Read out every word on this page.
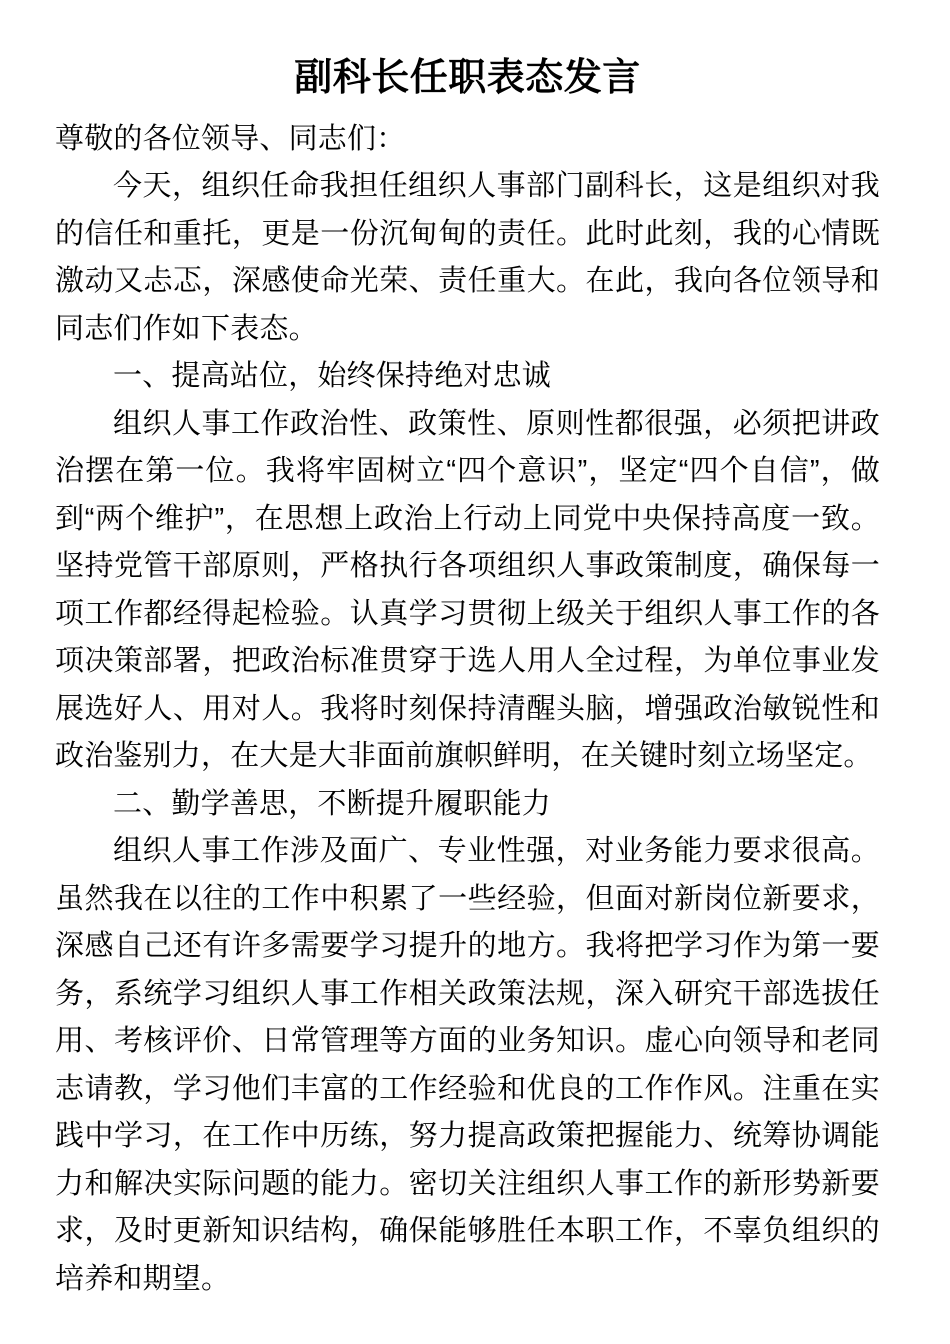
副科长任职表态发言

尊敬的各位领导、同志们：

今天，组织任命我担任组织人事部门副科长，这是组织对我的信任和重托，更是一份沉甸甸的责任。此时此刻，我的心情既激动又忐忑，深感使命光荣、责任重大。在此，我向各位领导和同志们作如下表态。

一、提高站位，始终保持绝对忠诚

组织人事工作政治性、政策性、原则性都很强，必须把讲政治摆在第一位。我将牢固树立“四个意识”，坚定“四个自信”，做到“两个维护”，在思想上政治上行动上同党中央保持高度一致。坚持党管干部原则，严格执行各项组织人事政策制度，确保每一项工作都经得起检验。认真学习贯彻上级关于组织人事工作的各项决策部署，把政治标准贯穿于选人用人全过程，为单位事业发展选好人、用对人。我将时刻保持清醒头脑，增强政治敏锐性和政治鉴别力，在大是大非面前旗帜鲜明，在关键时刻立场坚定。

二、勤学善思，不断提升履职能力

组织人事工作涉及面广、专业性强，对业务能力要求很高。虽然我在以往的工作中积累了一些经验，但面对新岗位新要求，深感自己还有许多需要学习提升的地方。我将把学习作为第一要务，系统学习组织人事工作相关政策法规，深入研究干部选拔任用、考核评价、日常管理等方面的业务知识。虚心向领导和老同志请教，学习他们丰富的工作经验和优良的工作作风。注重在实践中学习，在工作中历练，努力提高政策把握能力、统筹协调能力和解决实际问题的能力。密切关注组织人事工作的新形势新要求，及时更新知识结构，确保能够胜任本职工作，不辜负组织的培养和期望。
